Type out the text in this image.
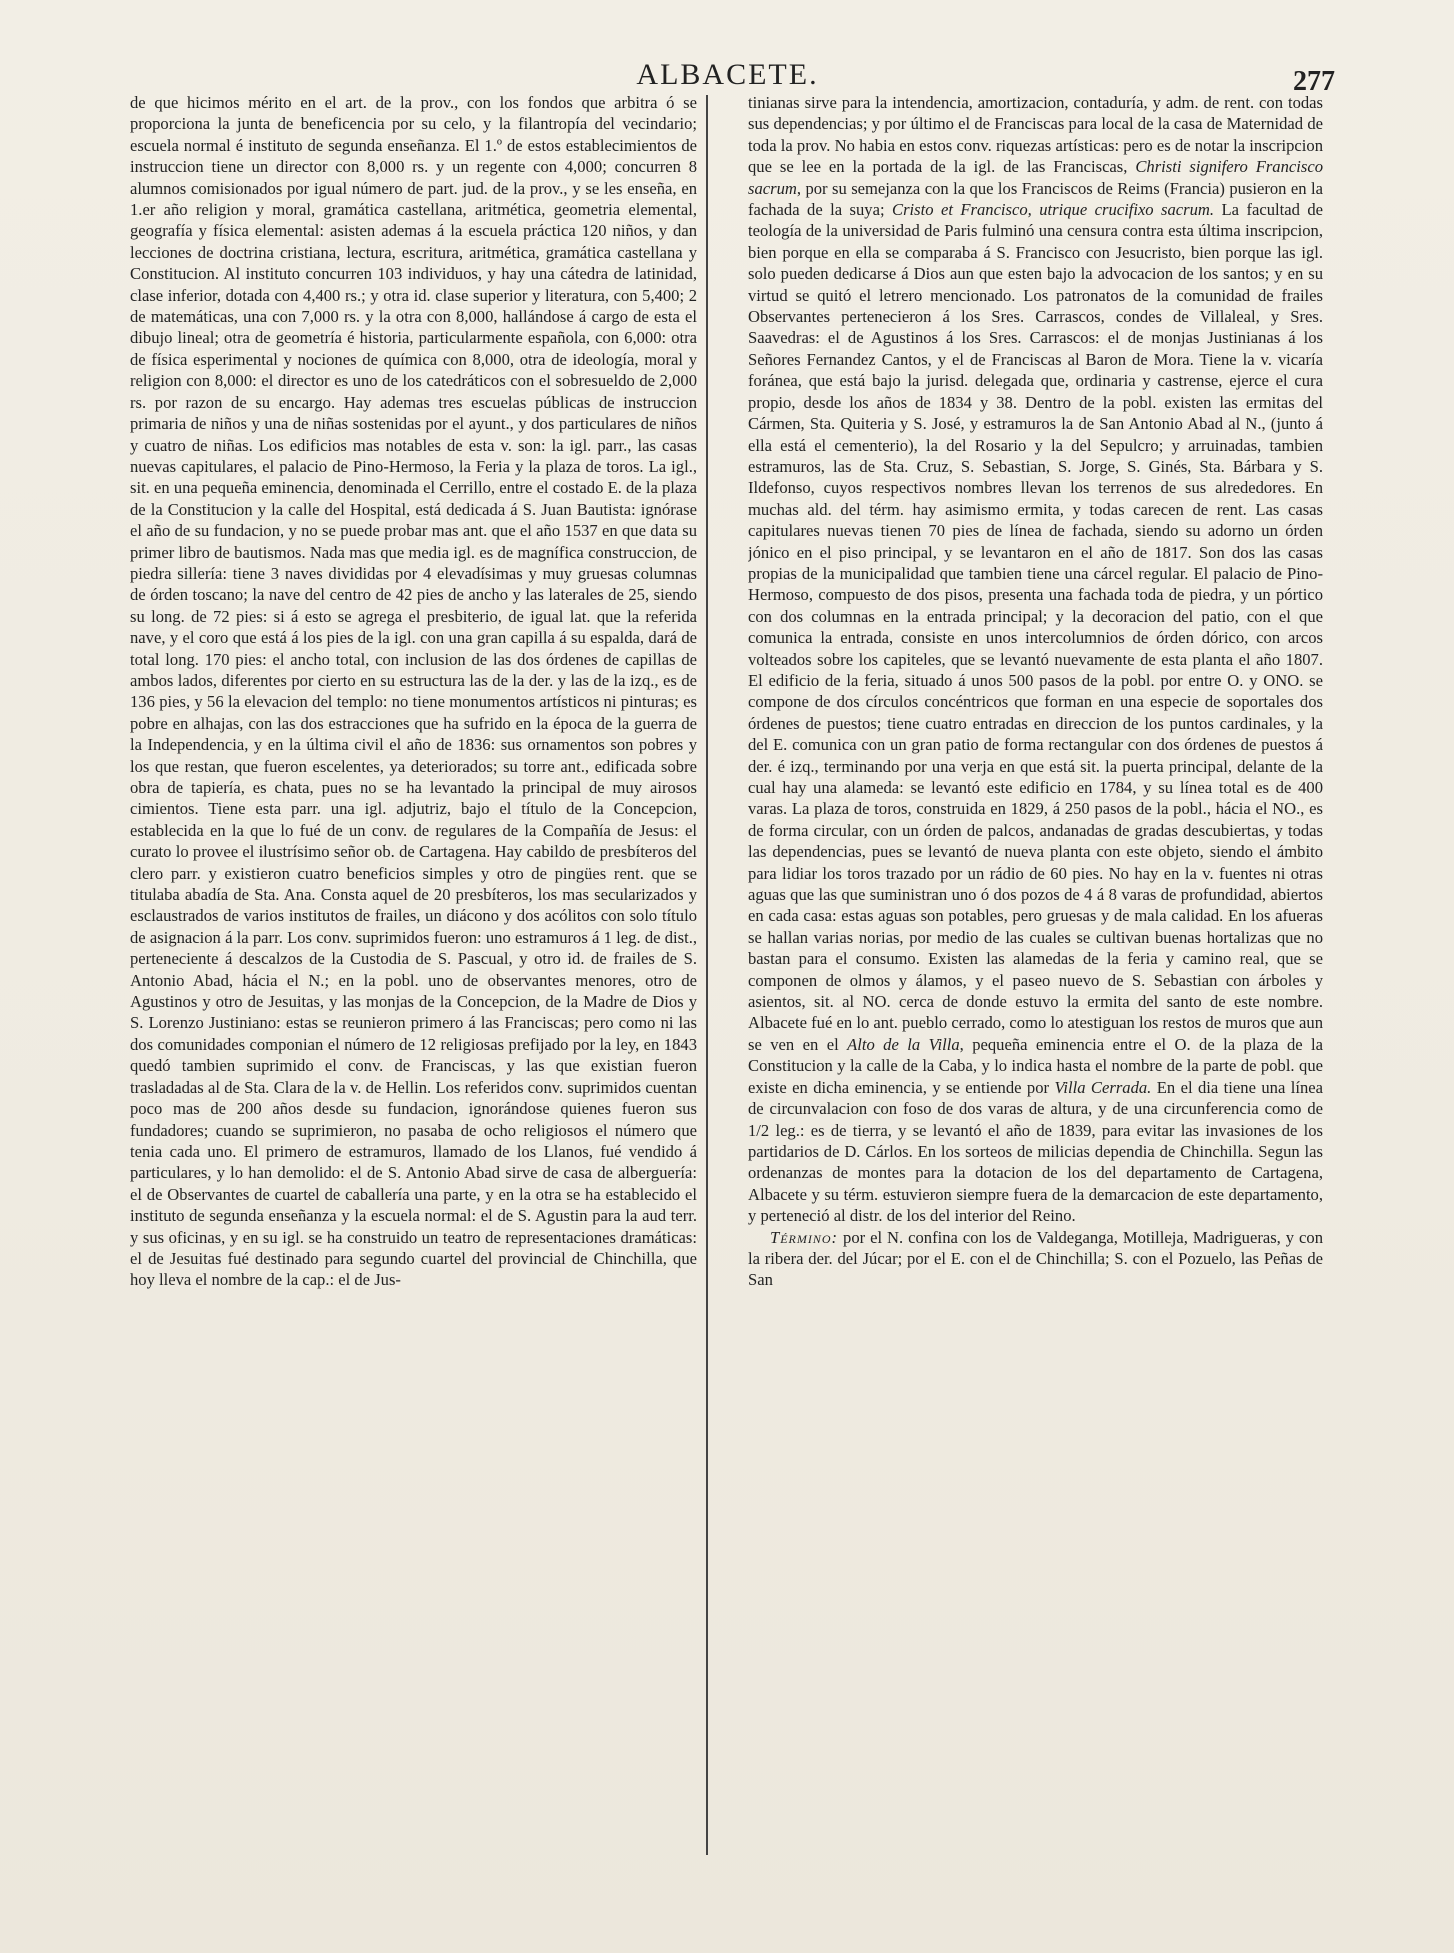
ALBACETE.	277

de que hicimos mérito en el art. de la prov., con los fondos que arbitra ó se proporciona la junta de beneficencia por su celo, y la filantropía del vecindario; escuela normal é instituto de segunda enseñanza. El 1.º de estos establecimientos de instruccion tiene un director con 8,000 rs. y un regente con 4,000; concurren 8 alumnos comisionados por igual número de part. jud. de la prov., y se les enseña, en 1.er año religion y moral, gramática castellana, aritmética, geometria elemental, geografía y física elemental: asisten ademas á la escuela práctica 120 niños, y dan lecciones de doctrina cristiana, lectura, escritura, aritmética, gramática castellana y Constitucion. Al instituto concurren 103 individuos, y hay una cátedra de latinidad, clase inferior, dotada con 4,400 rs.; y otra id. clase superior y literatura, con 5,400; 2 de matemáticas, una con 7,000 rs. y la otra con 8,000, hallándose á cargo de esta el dibujo lineal; otra de geometría é historia, particularmente española, con 6,000: otra de física esperimental y nociones de química con 8,000, otra de ideología, moral y religion con 8,000: el director es uno de los catedráticos con el sobresueldo de 2,000 rs. por razon de su encargo. Hay ademas tres escuelas públicas de instruccion primaria de niños y una de niñas sostenidas por el ayunt., y dos particulares de niños y cuatro de niñas. Los edificios mas notables de esta v. son: la igl. parr., las casas nuevas capitulares, el palacio de Pino-Hermoso, la Feria y la plaza de toros. La igl., sit. en una pequeña eminencia, denominada el Cerrillo, entre el costado E. de la plaza de la Constitucion y la calle del Hospital, está dedicada á S. Juan Bautista: ignórase el año de su fundacion, y no se puede probar mas ant. que el año 1537 en que data su primer libro de bautismos. Nada mas que media igl. es de magnífica construccion, de piedra sillería: tiene 3 naves divididas por 4 elevadísimas y muy gruesas columnas de órden toscano; la nave del centro de 42 pies de ancho y las laterales de 25, siendo su long. de 72 pies: si á esto se agrega el presbiterio, de igual lat. que la referida nave, y el coro que está á los pies de la igl. con una gran capilla á su espalda, dará de total long. 170 pies: el ancho total, con inclusion de las dos órdenes de capillas de ambos lados, diferentes por cierto en su estructura las de la der. y las de la izq., es de 136 pies, y 56 la elevacion del templo: no tiene monumentos artísticos ni pinturas; es pobre en alhajas, con las dos estracciones que ha sufrido en la época de la guerra de la Independencia, y en la última civil el año de 1836: sus ornamentos son pobres y los que restan, que fueron escelentes, ya deteriorados; su torre ant., edificada sobre obra de tapiería, es chata, pues no se ha levantado la principal de muy airosos cimientos. Tiene esta parr. una igl. adjutriz, bajo el título de la Concepcion, establecida en la que lo fué de un conv. de regulares de la Compañía de Jesus: el curato lo provee el ilustrísimo señor ob. de Cartagena. Hay cabildo de presbíteros del clero parr. y existieron cuatro beneficios simples y otro de pingües rent. que se titulaba abadía de Sta. Ana. Consta aquel de 20 presbíteros, los mas secularizados y esclaustrados de varios institutos de frailes, un diácono y dos acólitos con solo título de asignacion á la parr. Los conv. suprimidos fueron: uno estramuros á 1 leg. de dist., perteneciente á descalzos de la Custodia de S. Pascual, y otro id. de frailes de S. Antonio Abad, hácia el N.; en la pobl. uno de observantes menores, otro de Agustinos y otro de Jesuitas, y las monjas de la Concepcion, de la Madre de Dios y S. Lorenzo Justiniano: estas se reunieron primero á las Franciscas; pero como ni las dos comunidades componian el número de 12 religiosas prefijado por la ley, en 1843 quedó tambien suprimido el conv. de Franciscas, y las que existian fueron trasladadas al de Sta. Clara de la v. de Hellin. Los referidos conv. suprimidos cuentan poco mas de 200 años desde su fundacion, ignorándose quienes fueron sus fundadores; cuando se suprimieron, no pasaba de ocho religiosos el número que tenia cada uno. El primero de estramuros, llamado de los Llanos, fué vendido á particulares, y lo han demolido: el de S. Antonio Abad sirve de casa de alberguería: el de Observantes de cuartel de caballería una parte, y en la otra se ha establecido el instituto de segunda enseñanza y la escuela normal: el de S. Agustin para la aud terr. y sus oficinas, y en su igl. se ha construido un teatro de representaciones dramáticas: el de Jesuitas fué destinado para segundo cuartel del provincial de Chinchilla, que hoy lleva el nombre de la cap.: el de Jus-

tinianas sirve para la intendencia, amortizacion, contaduría, y adm. de rent. con todas sus dependencias; y por último el de Franciscas para local de la casa de Maternidad de toda la prov. No habia en estos conv. riquezas artísticas: pero es de notar la inscripcion que se lee en la portada de la igl. de las Franciscas, Christi signifero Francisco sacrum, por su semejanza con la que los Franciscos de Reims (Francia) pusieron en la fachada de la suya; Cristo et Francisco, utrique crucifixo sacrum. La facultad de teología de la universidad de Paris fulminó una censura contra esta última inscripcion, bien porque en ella se comparaba á S. Francisco con Jesucristo, bien porque las igl. solo pueden dedicarse á Dios aun que esten bajo la advocacion de los santos; y en su virtud se quitó el letrero mencionado. Los patronatos de la comunidad de frailes Observantes pertenecieron á los Sres. Carrascos, condes de Villaleal, y Sres. Saavedras: el de Agustinos á los Sres. Carrascos: el de monjas Justinianas á los Señores Fernandez Cantos, y el de Franciscas al Baron de Mora. Tiene la v. vicaría foránea, que está bajo la jurisd. delegada que, ordinaria y castrense, ejerce el cura propio, desde los años de 1834 y 38. Dentro de la pobl. existen las ermitas del Cármen, Sta. Quiteria y S. José, y estramuros la de San Antonio Abad al N., (junto á ella está el cementerio), la del Rosario y la del Sepulcro; y arruinadas, tambien estramuros, las de Sta. Cruz, S. Sebastian, S. Jorge, S. Ginés, Sta. Bárbara y S. Ildefonso, cuyos respectivos nombres llevan los terrenos de sus alrededores. En muchas ald. del térm. hay asimismo ermita, y todas carecen de rent. Las casas capitulares nuevas tienen 70 pies de línea de fachada, siendo su adorno un órden jónico en el piso principal, y se levantaron en el año de 1817. Son dos las casas propias de la municipalidad que tambien tiene una cárcel regular. El palacio de Pino-Hermoso, compuesto de dos pisos, presenta una fachada toda de piedra, y un pórtico con dos columnas en la entrada principal; y la decoracion del patio, con el que comunica la entrada, consiste en unos intercolumnios de órden dórico, con arcos volteados sobre los capiteles, que se levantó nuevamente de esta planta el año 1807. El edificio de la feria, situado á unos 500 pasos de la pobl. por entre O. y ONO. se compone de dos círculos concéntricos que forman en una especie de soportales dos órdenes de puestos; tiene cuatro entradas en direccion de los puntos cardinales, y la del E. comunica con un gran patio de forma rectangular con dos órdenes de puestos á der. é izq., terminando por una verja en que está sit. la puerta principal, delante de la cual hay una alameda: se levantó este edificio en 1784, y su línea total es de 400 varas. La plaza de toros, construida en 1829, á 250 pasos de la pobl., hácia el NO., es de forma circular, con un órden de palcos, andanadas de gradas descubiertas, y todas las dependencias, pues se levantó de nueva planta con este objeto, siendo el ámbito para lidiar los toros trazado por un rádio de 60 pies. No hay en la v. fuentes ni otras aguas que las que suministran uno ó dos pozos de 4 á 8 varas de profundidad, abiertos en cada casa: estas aguas son potables, pero gruesas y de mala calidad. En los afueras se hallan varias norias, por medio de las cuales se cultivan buenas hortalizas que no bastan para el consumo. Existen las alamedas de la feria y camino real, que se componen de olmos y álamos, y el paseo nuevo de S. Sebastian con árboles y asientos, sit. al NO. cerca de donde estuvo la ermita del santo de este nombre. Albacete fué en lo ant. pueblo cerrado, como lo atestiguan los restos de muros que aun se ven en el Alto de la Villa, pequeña eminencia entre el O. de la plaza de la Constitucion y la calle de la Caba, y lo indica hasta el nombre de la parte de pobl. que existe en dicha eminencia, y se entiende por Villa Cerrada. En el dia tiene una línea de circunvalacion con foso de dos varas de altura, y de una circunferencia como de 1/2 leg.: es de tierra, y se levantó el año de 1839, para evitar las invasiones de los partidarios de D. Cárlos. En los sorteos de milicias dependia de Chinchilla. Segun las ordenanzas de montes para la dotacion de los del departamento de Cartagena, Albacete y su térm. estuvieron siempre fuera de la demarcacion de este departamento, y perteneció al distr. de los del interior del Reino.

Término: por el N. confina con los de Valdeganga, Motilleja, Madrigueras, y con la ribera der. del Júcar; por el E. con el de Chinchilla; S. con el Pozuelo, las Peñas de San
